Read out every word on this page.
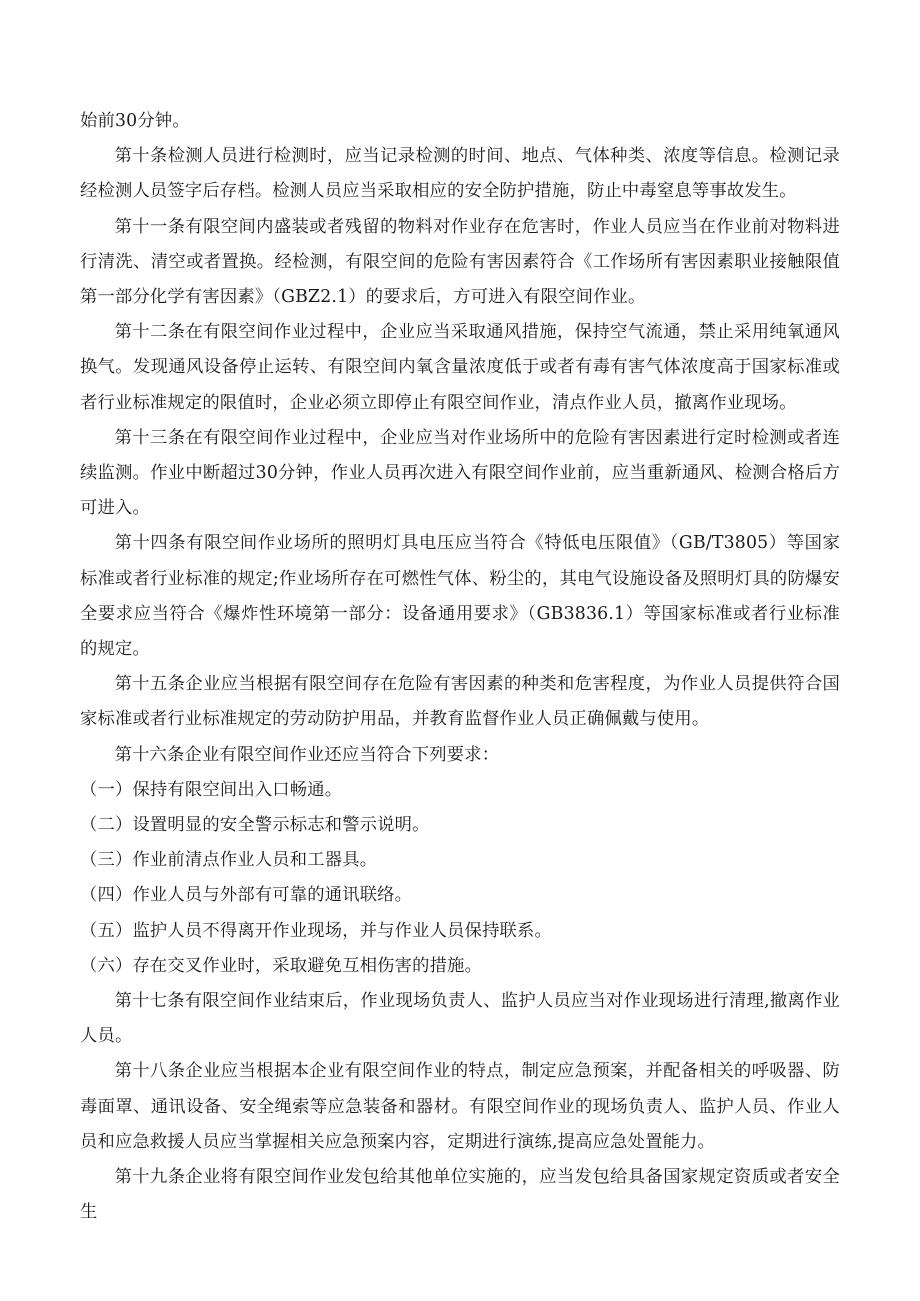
始前30分钟。

第十条检测人员进行检测时，应当记录检测的时间、地点、气体种类、浓度等信息。检测记录经检测人员签字后存档。检测人员应当采取相应的安全防护措施，防止中毒窒息等事故发生。

第十一条有限空间内盛装或者残留的物料对作业存在危害时，作业人员应当在作业前对物料进行清洗、清空或者置换。经检测，有限空间的危险有害因素符合《工作场所有害因素职业接触限值第一部分化学有害因素》（GBZ2.1）的要求后，方可进入有限空间作业。

第十二条在有限空间作业过程中，企业应当采取通风措施，保持空气流通，禁止采用纯氧通风换气。发现通风设备停止运转、有限空间内氧含量浓度低于或者有毒有害气体浓度高于国家标准或者行业标准规定的限值时，企业必须立即停止有限空间作业，清点作业人员，撤离作业现场。

第十三条在有限空间作业过程中，企业应当对作业场所中的危险有害因素进行定时检测或者连续监测。作业中断超过30分钟，作业人员再次进入有限空间作业前，应当重新通风、检测合格后方可进入。

第十四条有限空间作业场所的照明灯具电压应当符合《特低电压限值》（GB/T3805）等国家标准或者行业标准的规定;作业场所存在可燃性气体、粉尘的，其电气设施设备及照明灯具的防爆安全要求应当符合《爆炸性环境第一部分：设备通用要求》（GB3836.1）等国家标准或者行业标准的规定。

第十五条企业应当根据有限空间存在危险有害因素的种类和危害程度，为作业人员提供符合国家标准或者行业标准规定的劳动防护用品，并教育监督作业人员正确佩戴与使用。

第十六条企业有限空间作业还应当符合下列要求：

（一）保持有限空间出入口畅通。

（二）设置明显的安全警示标志和警示说明。

（三）作业前清点作业人员和工器具。

（四）作业人员与外部有可靠的通讯联络。

（五）监护人员不得离开作业现场，并与作业人员保持联系。

（六）存在交叉作业时，采取避免互相伤害的措施。

第十七条有限空间作业结束后，作业现场负责人、监护人员应当对作业现场进行清理,撤离作业人员。

第十八条企业应当根据本企业有限空间作业的特点，制定应急预案，并配备相关的呼吸器、防毒面罩、通讯设备、安全绳索等应急装备和器材。有限空间作业的现场负责人、监护人员、作业人员和应急救援人员应当掌握相关应急预案内容，定期进行演练,提高应急处置能力。

第十九条企业将有限空间作业发包给其他单位实施的，应当发包给具备国家规定资质或者安全生
